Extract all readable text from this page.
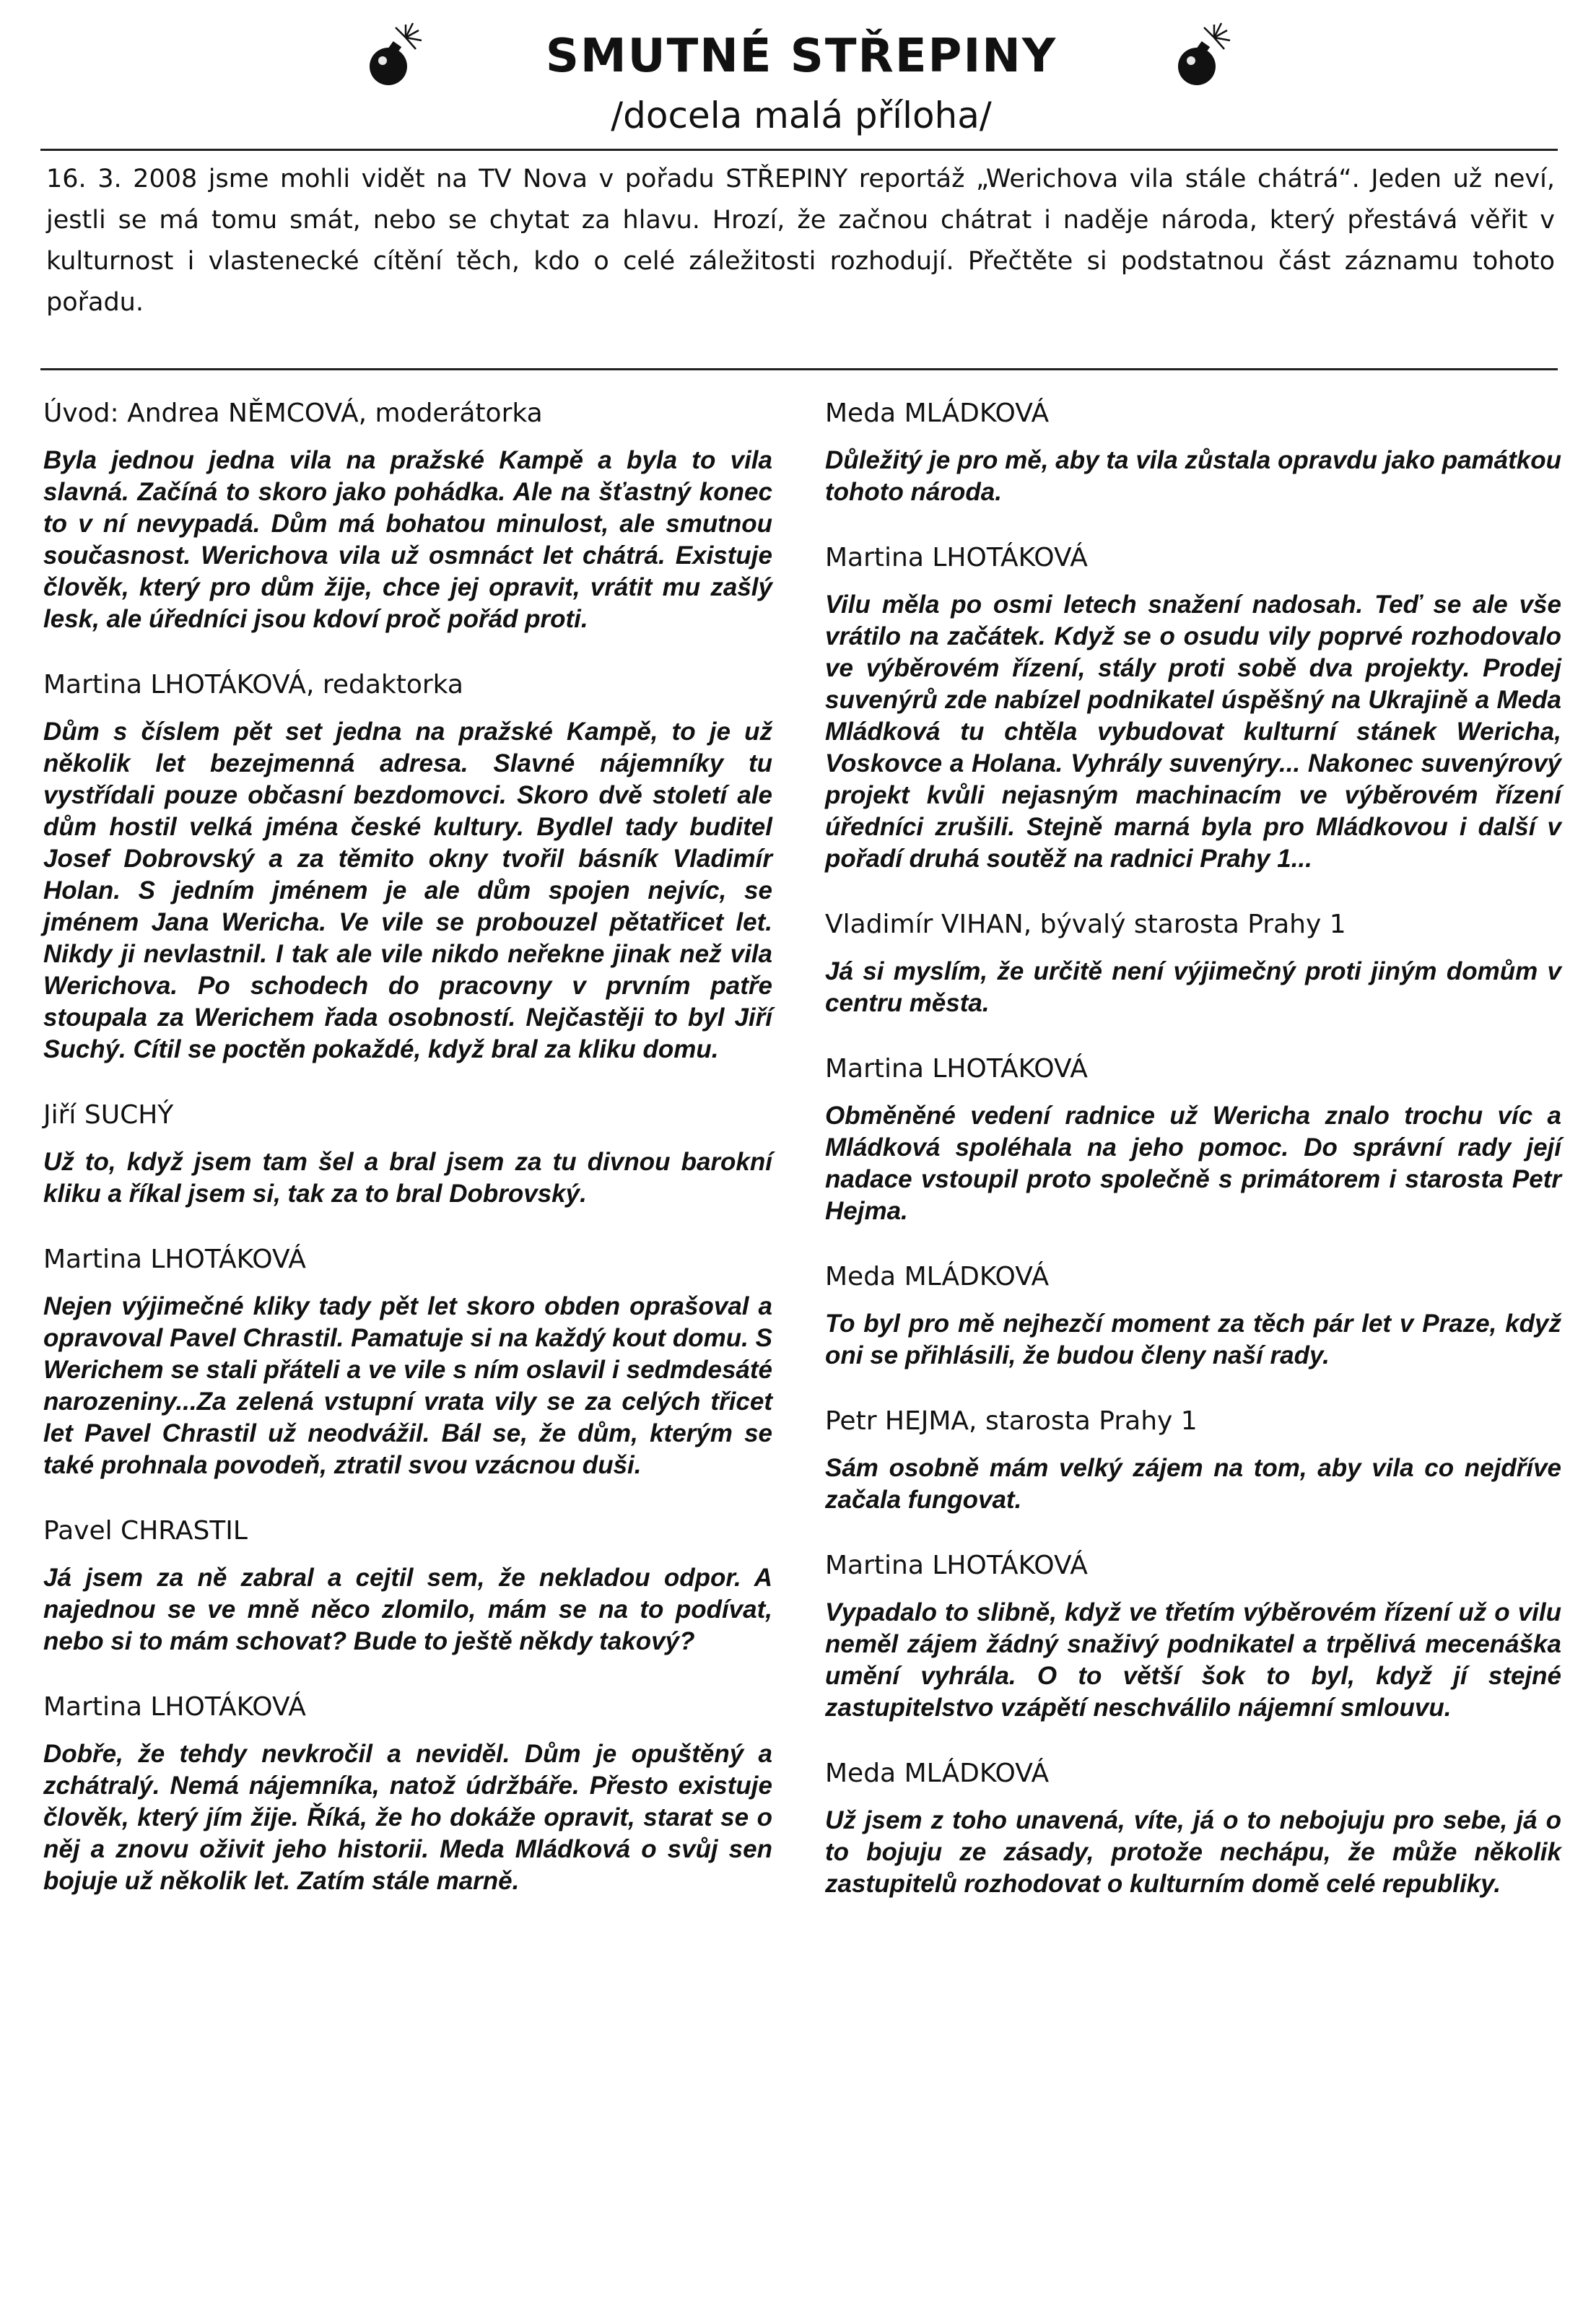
SMUTNÉ STŘEPINY
/docela malá příloha/
16. 3. 2008 jsme mohli vidět na TV Nova v pořadu STŘEPINY reportáž „Werichova vila stále chátrá“. Jeden už neví, jestli se má tomu smát, nebo se chytat za hlavu. Hrozí, že začnou chátrat i naděje národa, který přestává věřit v kulturnost i vlastenecké cítění těch, kdo o celé záležitosti rozhodují. Přečtěte si podstatnou část záznamu tohoto pořadu.
Úvod: Andrea NĚMCOVÁ, moderátorka

Byla jednou jedna vila na pražské Kampě a byla to vila slavná. Začíná to skoro jako pohádka. Ale na šťastný konec to v ní nevypadá. Dům má bohatou minulost, ale smutnou současnost. Werichova vila už osmnáct let chátrá. Existuje člověk, který pro dům žije, chce jej opravit, vrátit mu zašlý lesk, ale úředníci jsou kdoví proč pořád proti.

Martina LHOTÁKOVÁ, redaktorka

Dům s číslem pět set jedna na pražské Kampě, to je už několik let bezejmenná adresa. Slavné nájemníky tu vystřídali pouze občasní bezdomovci. Skoro dvě století ale dům hostil velká jména české kultury. Bydlel tady buditel Josef Dobrovský a za těmito okny tvořil básník Vladimír Holan. S jedním jménem je ale dům spojen nejvíc, se jménem Jana Wericha. Ve vile se probouzel pětatřicet let. Nikdy ji nevlastnil. I tak ale vile nikdo neřekne jinak než vila Werichova. Po schodech do pracovny v prvním patře stoupala za Werichem řada osobností. Nejčastěji to byl Jiří Suchý. Cítil se poctěn pokaždé, když bral za kliku domu.

Jiří SUCHÝ

Už to, když jsem tam šel a bral jsem za tu divnou barokní kliku a říkal jsem si, tak za to bral Dobrovský.

Martina LHOTÁKOVÁ

Nejen výjimečné kliky tady pět let skoro obden oprašoval a opravoval Pavel Chrastil. Pamatuje si na každý kout domu. S Werichem se stali přáteli a ve vile s ním oslavil i sedmdesáté narozeniny...Za zelená vstupní vrata vily se za celých třicet let Pavel Chrastil už neodvážil. Bál se, že dům, kterým se také prohnala povodeň, ztratil svou vzácnou duši.

Pavel CHRASTIL

Já jsem za ně zabral a cejtil sem, že nekladou odpor. A najednou se ve mně něco zlomilo, mám se na to podívat, nebo si to mám schovat? Bude to ještě někdy takový?

Martina LHOTÁKOVÁ

Dobře, že tehdy nevkročil a neviděl. Dům je opuštěný a zchátralý. Nemá nájemníka, natož údržbáře. Přesto existuje člověk, který jím žije. Říká, že ho dokáže opravit, starat se o něj a znovu oživit jeho historii. Meda Mládková o svůj sen bojuje už několik let. Zatím stále marně.

Meda MLÁDKOVÁ

Důležitý je pro mě, aby ta vila zůstala opravdu jako památkou tohoto národa.

Martina LHOTÁKOVÁ

Vilu měla po osmi letech snažení nadosah. Teď se ale vše vrátilo na začátek. Když se o osudu vily poprvé rozhodovalo ve výběrovém řízení, stály proti sobě dva projekty. Prodej suvenýrů zde nabízel podnikatel úspěšný na Ukrajině a Meda Mládková tu chtěla vybudovat kulturní stánek Wericha, Voskovce a Holana. Vyhrály suvenýry... Nakonec suvenýrový projekt kvůli nejasným machinacím ve výběrovém řízení úředníci zrušili. Stejně marná byla pro Mládkovou i další v pořadí druhá soutěž na radnici Prahy 1...

Vladimír VIHAN, bývalý starosta Prahy 1

Já si myslím, že určitě není výjimečný proti jiným domům v centru města.

Martina LHOTÁKOVÁ

Obměněné vedení radnice už Wericha znalo trochu víc a Mládková spoléhala na jeho pomoc. Do správní rady její nadace vstoupil proto společně s primátorem i starosta Petr Hejma.

Meda MLÁDKOVÁ

To byl pro mě nejhezčí moment za těch pár let v Praze, když oni se přihlásili, že budou členy naší rady.

Petr HEJMA, starosta Prahy 1

Sám osobně mám velký zájem na tom, aby vila co nejdříve začala fungovat.

Martina LHOTÁKOVÁ

Vypadalo to slibně, když ve třetím výběrovém řízení už o vilu neměl zájem žádný snaživý podnikatel a trpělivá mecenáška umění vyhrála. O to větší šok to byl, když jí stejné zastupitelstvo vzápětí neschválilo nájemní smlouvu.

Meda MLÁDKOVÁ

Už jsem z toho unavená, víte, já o to nebojuju pro sebe, já o to bojuju ze zásady, protože nechápu, že může několik zastupitelů rozhodovat o kulturním domě celé republiky.
